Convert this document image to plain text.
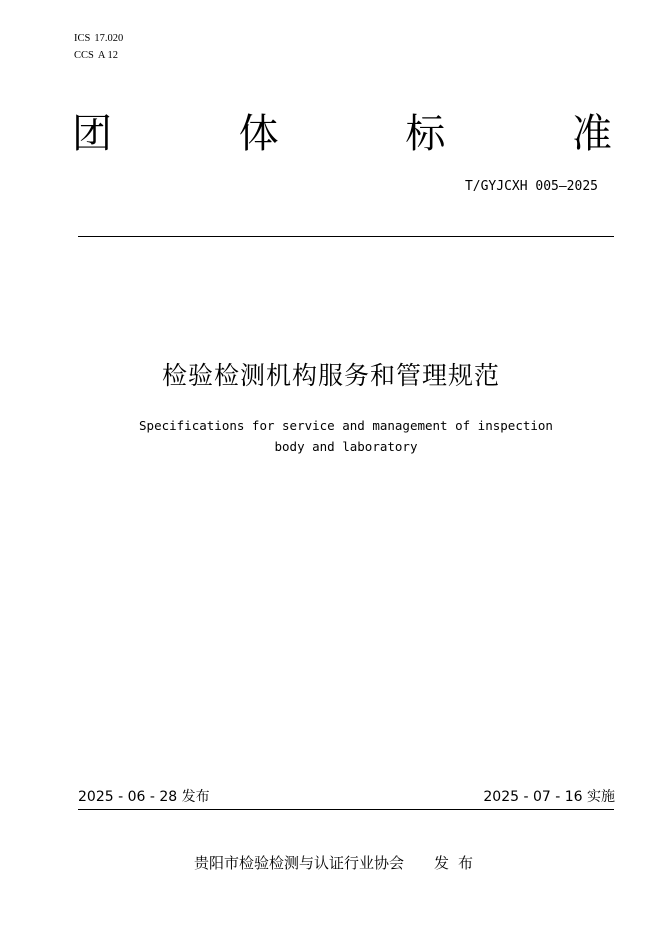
ICS 17.020
CCS A 12
团	体	标	准
T/GYJCXH 005—2025
检验检测机构服务和管理规范
Specifications for service and management of inspection
body and laboratory
2025 - 06 - 28 发布	2025 - 07 - 16 实施
贵阳市检验检测与认证行业协会 发布
